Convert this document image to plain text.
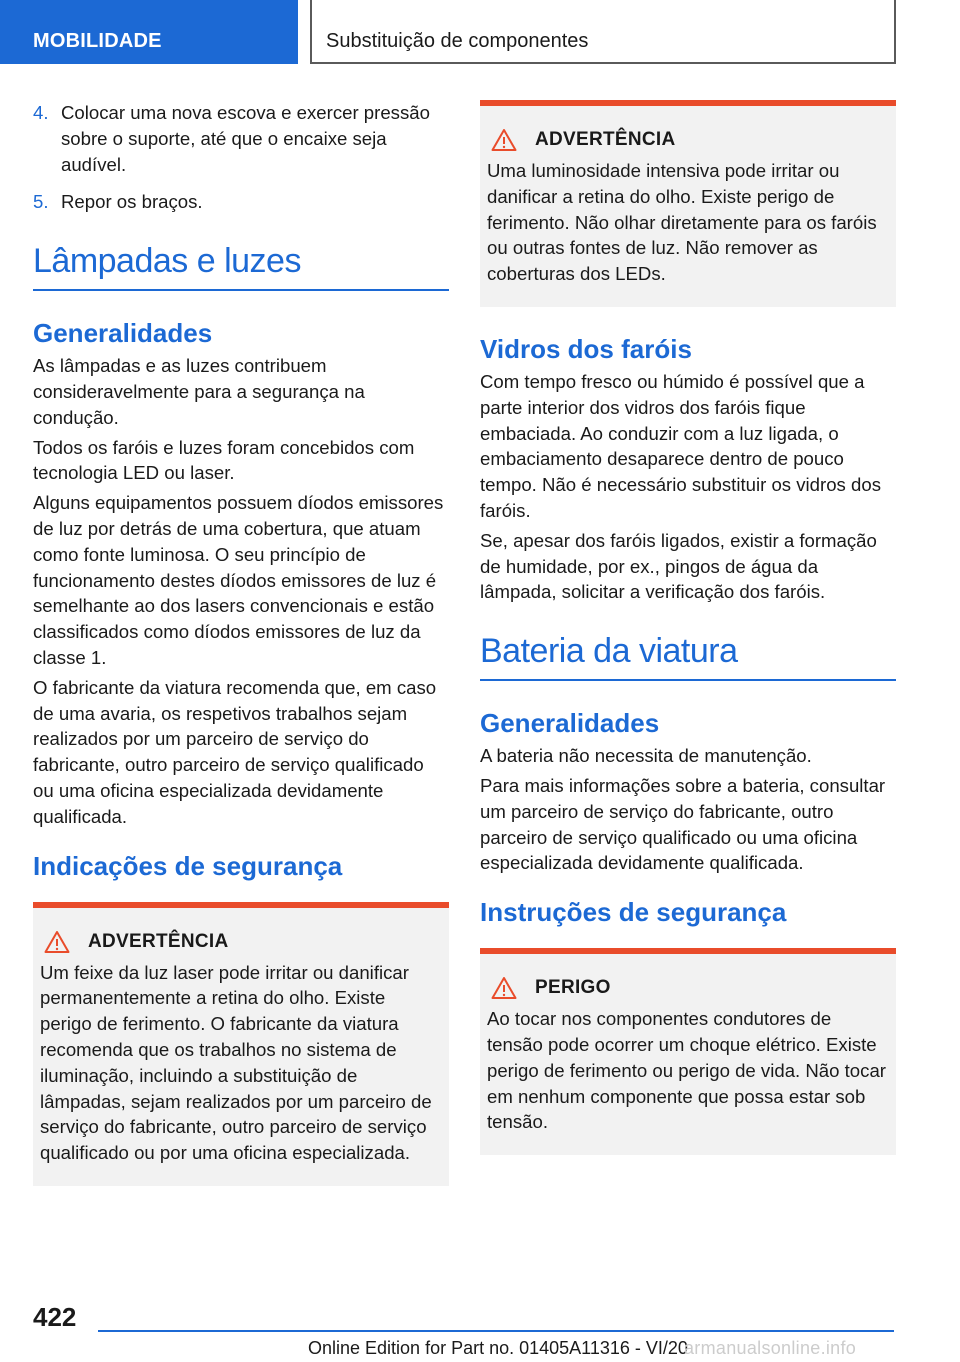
MOBILIDADE	Substituição de componentes
4. Colocar uma nova escova e exercer pressão sobre o suporte, até que o encaixe seja audível.
5. Repor os braços.
Lâmpadas e luzes
Generalidades

As lâmpadas e as luzes contribuem consideravelmente para a segurança na condução.

Todos os faróis e luzes foram concebidos com tecnologia LED ou laser.

Alguns equipamentos possuem díodos emissores de luz por detrás de uma cobertura, que atuam como fonte luminosa. O seu princípio de funcionamento destes díodos emissores de luz é semelhante ao dos lasers convencionais e estão classificados como díodos emissores de luz da classe 1.

O fabricante da viatura recomenda que, em caso de uma avaria, os respetivos trabalhos sejam realizados por um parceiro de serviço do fabricante, outro parceiro de serviço qualificado ou uma oficina especializada devidamente qualificada.

Indicações de segurança
ADVERTÊNCIA

Um feixe da luz laser pode irritar ou danificar permanentemente a retina do olho. Existe perigo de ferimento. O fabricante da viatura recomenda que os trabalhos no sistema de iluminação, incluindo a substituição de lâmpadas, sejam realizados por um parceiro de serviço do fabricante, outro parceiro de serviço qualificado ou por uma oficina especializada.

ADVERTÊNCIA

Uma luminosidade intensiva pode irritar ou danificar a retina do olho. Existe perigo de ferimento. Não olhar diretamente para os faróis ou outras fontes de luz. Não remover as coberturas dos LEDs.

Vidros dos faróis

Com tempo fresco ou húmido é possível que a parte interior dos vidros dos faróis fique embaciada. Ao conduzir com a luz ligada, o embaciamento desaparece dentro de pouco tempo. Não é necessário substituir os vidros dos faróis.

Se, apesar dos faróis ligados, existir a formação de humidade, por ex., pingos de água da lâmpada, solicitar a verificação dos faróis.

Bateria da viatura
Generalidades

A bateria não necessita de manutenção.

Para mais informações sobre a bateria, consultar um parceiro de serviço do fabricante, outro parceiro de serviço qualificado ou uma oficina especializada devidamente qualificada.

Instruções de segurança
PERIGO

Ao tocar nos componentes condutores de tensão pode ocorrer um choque elétrico. Existe perigo de ferimento ou perigo de vida. Não tocar em nenhum componente que possa estar sob tensão.

422
Online Edition for Part no. 01405A11316 - VI/20
armanualsonline.info
